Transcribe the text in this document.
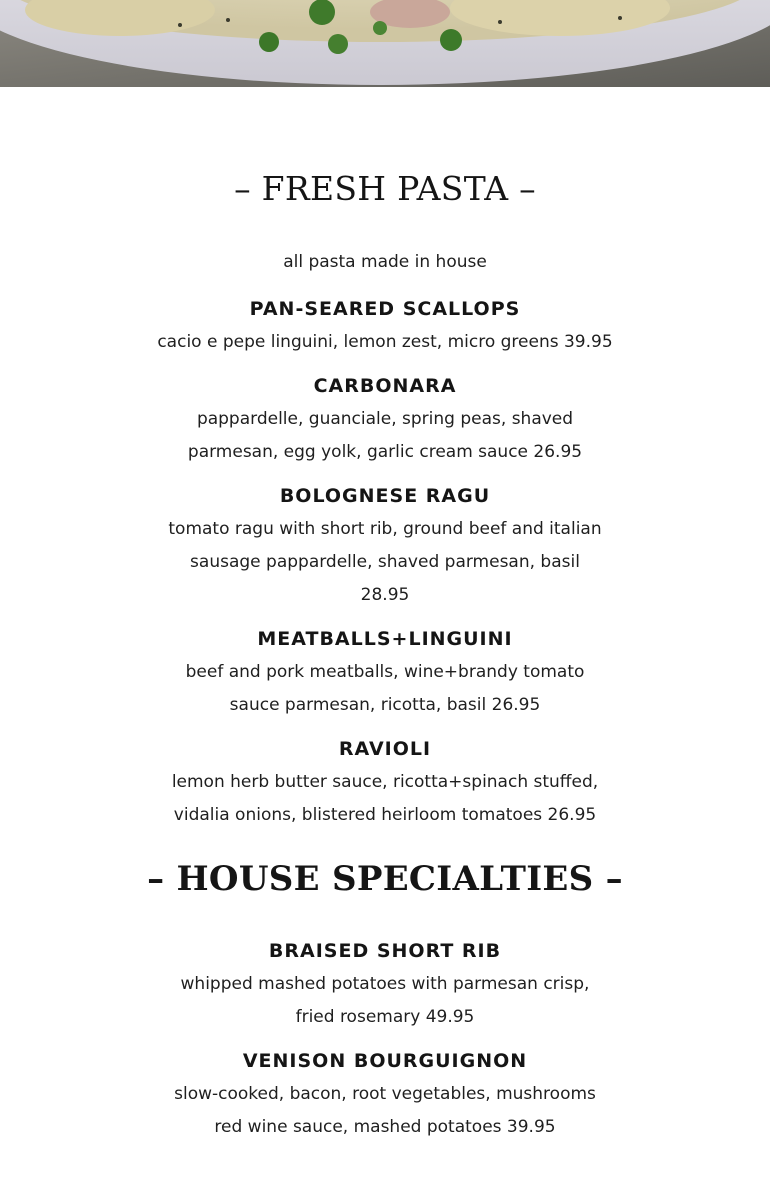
– FRESH PASTA –

all pasta made in house

PAN-SEARED SCALLOPS

cacio e pepe linguini, lemon zest, micro greens 39.95

CARBONARA

pappardelle, guanciale, spring peas, shaved
parmesan, egg yolk, garlic cream sauce 26.95

BOLOGNESE RAGU

tomato ragu with short rib, ground beef and italian
sausage pappardelle, shaved parmesan, basil
28.95

MEATBALLS+LINGUINI

beef and pork meatballs, wine+brandy tomato
sauce parmesan, ricotta, basil 26.95

RAVIOLI

lemon herb butter sauce, ricotta+spinach stuffed,
vidalia onions, blistered heirloom tomatoes 26.95

– HOUSE SPECIALTIES –
BRAISED SHORT RIB

whipped mashed potatoes with parmesan crisp,
fried rosemary 49.95

VENISON BOURGUIGNON

slow-cooked, bacon, root vegetables, mushrooms
red wine sauce, mashed potatoes 39.95
